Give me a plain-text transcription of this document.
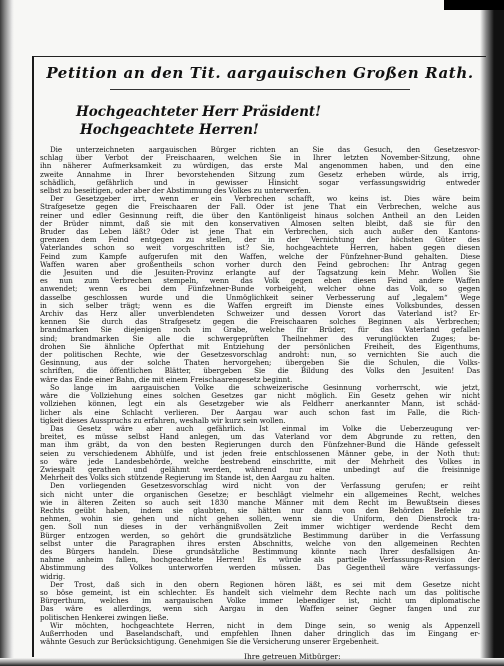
Petition an den Tit. aargauischen Großen Rath.
Hochgeachteter Herr Präsident!
Hochgeachtete Herren!
Die unterzeichneten aargauischen Bürger richten an Sie das Gesuch, den Gesetzesvor-
schlag über Verbot der Freischaaren, welchen Sie in Ihrer letzten November-Sitzung, ohne
ihn näherer Aufmerksamkeit zu würdigen, das erste Mal angenommen haben, und den eine
zweite Annahme in Ihrer bevorstehenden Sitzung zum Gesetz erheben würde, als irrig,
schädlich, gefährlich und in gewisser Hinsicht sogar verfassungswidrig entweder
selbst zu beseitigen, oder aber der Abstimmung des Volkes zu unterwerfen.
Der Gesetzgeber irrt, wenn er ein Verbrechen schafft, wo keins ist. Dies wäre beim
Strafgesetze gegen die Freischaaren der Fall. Oder ist jene That ein Verbrechen, welche aus
reiner und edler Gesinnung reift, die über den Kantönligeist hinaus solchen Antheil an den Leiden
der Brüder nimmt, daß sie mit den konservativen Almosen selten bleibt, daß sie für den
Bruder das Leben läßt? Oder ist jene That ein Verbrechen, sich auch außer den Kantons-
grenzen dem Feind entgegen zu stellen, der in der Vernichtung der höchsten Güter des
Vaterlandes schon so weit vorgeschritten ist? Sie, hochgeachtete Herren, haben gegen diesen
Feind zum Kampfe aufgerufen mit den Waffen, welche der Fünfzehner-Bund gehalten. Diese
Waffen waren aber großentheils schon vorher durch den Feind gebrochen: Ihr Antrag gegen
die Jesuiten und die Jesuiten-Provinz erlangte auf der Tagsatzung kein Mehr. Wollen Sie
es nun zum Verbrechen stempeln, wenn das Volk gegen eben diesen Feind andere Waffen
anwendet; wenn es bei dem Fünfzehner-Bunde vorbeigeht, welcher ohne das Volk, so gegen
dasselbe geschlossen wurde und die Unmöglichkeit seiner Verbesserung auf „legalem“ Wege
in sich selber trägt; wenn es die Waffen ergreift im Dienste eines Volksbundes, dessen
Archiv das Herz aller unverblendeten Schweizer und dessen Vorort das Vaterland ist? Er-
kennen Sie durch das Strafgesetz gegen die Freischaaren solches Beginnen als Verbrechen;
brandmarken Sie diejenigen noch im Grabe, welche für Brüder, für das Vaterland gefallen
sind; brandmarken Sie alle die schwergeprüften Theilnehmer des verunglückten Zuges; be-
drohen Sie ähnliche Opferthat mit Entziehung der persönlichen Freiheit, des Eigenthums,
der politischen Rechte, wie der Gesetzesvorschlag androht: nun, so vernichten Sie auch die
Gesinnung, aus der solche Thaten hervorgehen; übergeben Sie die Schulen, die Volks-
schriften, die öffentlichen Blätter, übergeben Sie die Bildung des Volks den Jesuiten! Das
wäre das Ende einer Bahn, die mit einem Freischaarengesetz beginnt.
So lange im aargauischen Volke die schweizerische Gesinnung vorherrscht, wie jetzt,
wäre die Vollziehung eines solchen Gesetzes gar nicht möglich. Ein Gesetz gehen wir nicht
vollziehen können, legt ein als Gesetzgeber wie als Feldherr anerkannter Mann, ist schäd-
licher als eine Schlacht verlieren. Der Aargau war auch schon fast im Falle, die Rich-
tigkeit dieses Ausspruchs zu erfahren, weshalb wir kurz sein wollen.
Das Gesetz wäre aber auch gefährlich. Ist einmal im Volke die Ueberzeugung ver-
breitet, es müsse selbst Hand anlegen, um das Vaterland vor dem Abgrunde zu retten, den
man ihm gräbt, da von den besten Regierungen durch den Fünfzehner-Bund die Hände gefesselt
seien zu verschiedenem Abhülfe, und ist jeden freie entschlossenen Männer gebe, in der Noth thut:
so wäre jede Landesbehörde, welche bestrebend einschritte, mit der Mehrheit des Volkes in
Zwiespalt gerathen und gelähmt werden, während nur eine unbedingt auf die freisinnige
Mehrheit des Volks sich stützende Regierung im Stande ist, den Aargau zu halten.
Den vorliegenden Gesetzesvorschlag wird nicht von der Verfassung gerufen; er reiht
sich nicht unter die organischen Gesetze; er beschlägt vielmehr ein allgemeines Recht, welches
wie in älteren Zeiten so auch seit 1830 manche Männer mit dem Recht im Bewußtsein dieses
Rechts geübt haben, indem sie glaubten, sie hätten nur dann von den Behörden Befehle zu
nehmen, wohin sie gehen und nicht gehen sollen, wenn sie die Uniform, den Dienstrock tra-
gen. Soll nun dieses in der verhängnißvollen Zeit immer wichtiger werdende Recht dem
Bürger entzogen werden, so gehört die grundsätzliche Bestimmung darüber in die Verfassung
selbst unter die Paragraphen ihres ersten Abschnitts, welche von den allgemeinen Rechten
des Bürgers handeln. Diese grundsätzliche Bestimmung könnte nach Ihrer desfallsigen An-
nahme anheim fallen, hochgeachtete Herren! Es würde als partielle Verfassungs-Revision der
Abstimmung des Volkes unterworfen werden müssen. Das Gegentheil wäre verfassungs-
widrig.
Der Trost, daß sich in den obern Regionen hören läßt, es sei mit dem Gesetze nicht
so böse gemeint, ist ein schlechter. Es handelt sich vielmehr dem Rechte nach um das politische
Bürgerthum, welches im aargauischen Volke immer lebendiger ist, nicht um diplomatische
Das wäre es allerdings, wenn sich Aargau in den Waffen seiner Gegner fangen und zur
politischen Henkerei zwingen ließe.
Wir möchten, hochgeachtete Herren, nicht in dem Dinge sein, so wenig als Appenzell
Außerrhoden und Baselandschaft, und empfehlen Ihnen daher dringlich das im Eingang er-
wähnte Gesuch zur Berücksichtigung. Genehmigen Sie die Versicherung unserer Ergebenheit.
Ihre getreuen Mitbürger:
